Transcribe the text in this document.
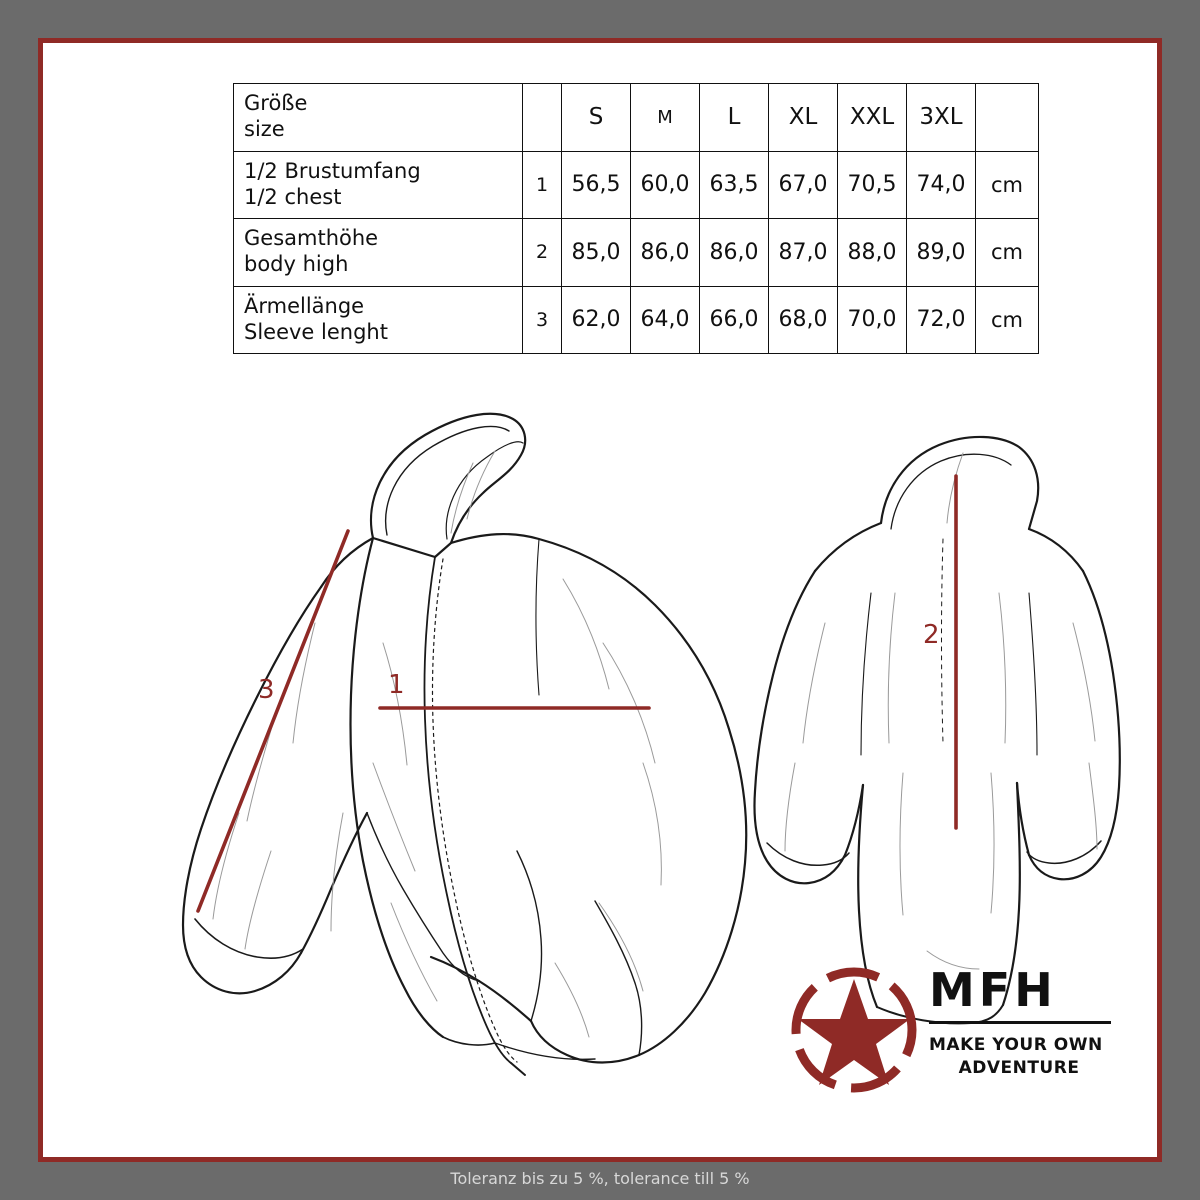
Größe
size		S	M	L	XL	XXL	3XL	

1/2 Brustumfang
1/2 chest	1	56,5	60,0	63,5	67,0	70,5	74,0	cm

Gesamthöhe
body high	2	85,0	86,0	86,0	87,0	88,0	89,0	cm

Ärmellänge
Sleeve lenght	3	62,0	64,0	66,0	68,0	70,0	72,0	cm
1
3
2
MFH
MAKE YOUR OWN
ADVENTURE
Toleranz bis zu 5 %, tolerance till 5 %
